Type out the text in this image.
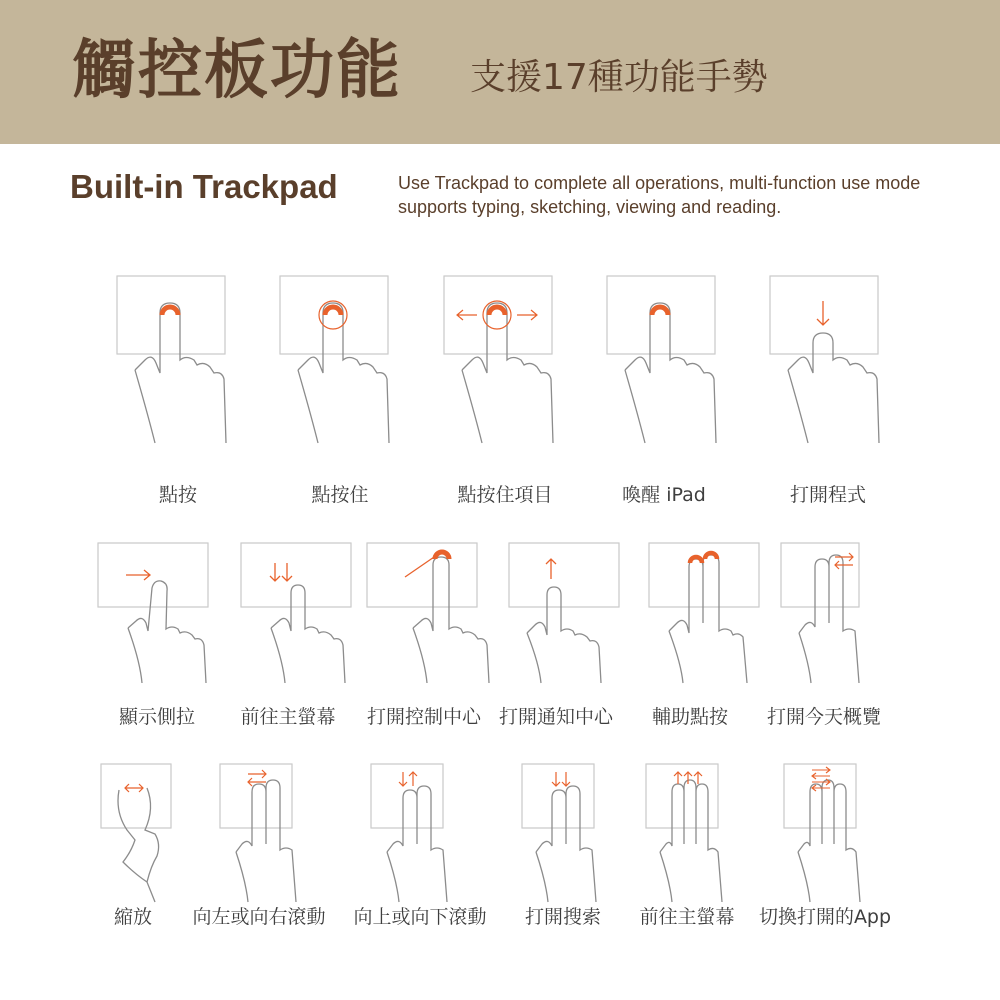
觸控板功能 支援17種功能手勢
Built-in Trackpad	Use Trackpad to complete all operations, multi-function use mode supports typing, sketching, viewing and reading.
點按	點按住	點按住項目	喚醒 iPad	打開程式
顯示側拉 前往主螢幕 打開控制中心 打開通知中心 輔助點按 打開今天概覽
縮放 向左或向右滾動 向上或向下滾動 打開搜索 前往主螢幕 切換打開的App
